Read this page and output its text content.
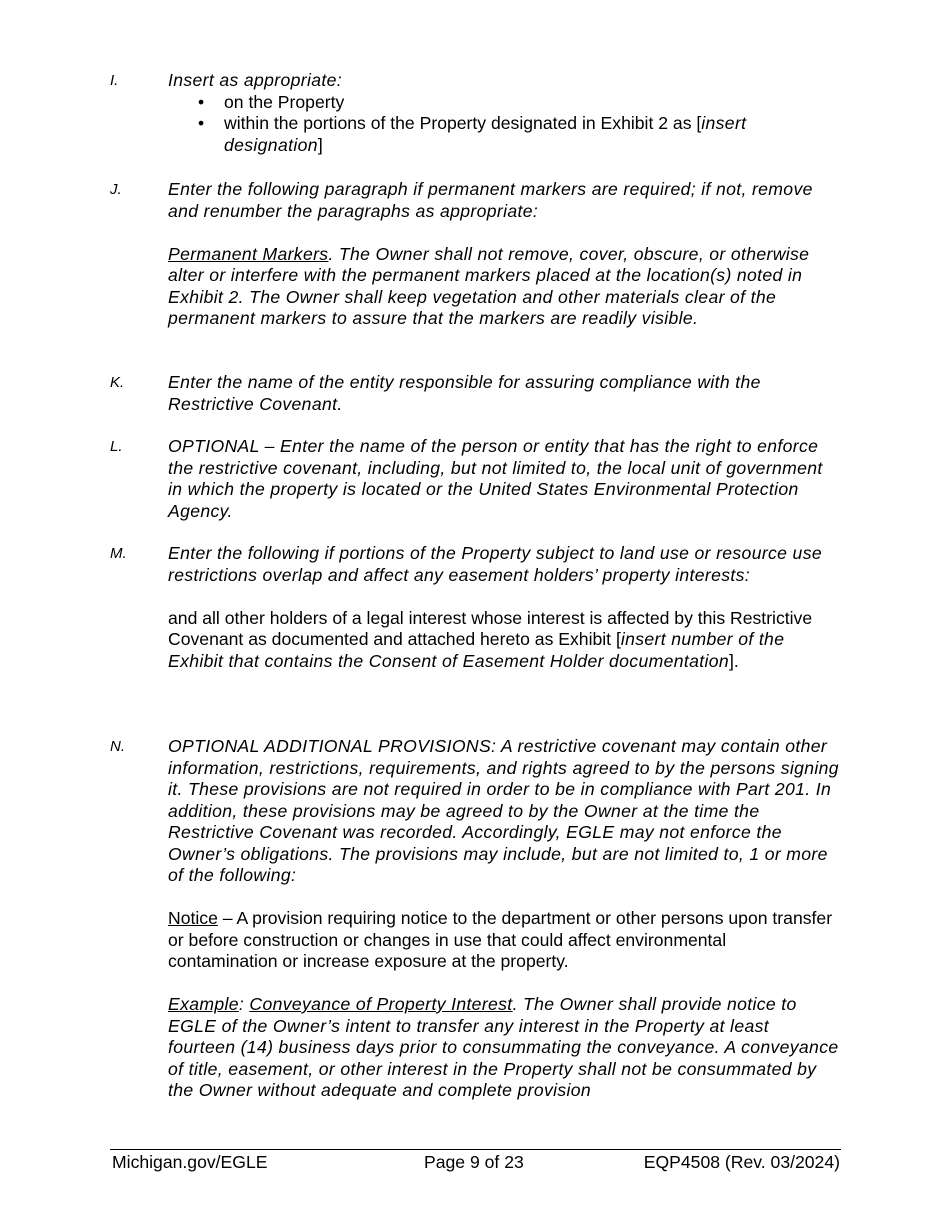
I.	Insert as appropriate:

• on the Property
• within the portions of the Property designated in Exhibit 2 as [insert designation]
J.	Enter the following paragraph if permanent markers are required; if not, remove and renumber the paragraphs as appropriate:

Permanent Markers. The Owner shall not remove, cover, obscure, or otherwise alter or interfere with the permanent markers placed at the location(s) noted in Exhibit 2. The Owner shall keep vegetation and other materials clear of the permanent markers to assure that the markers are readily visible.

K. Enter the name of the entity responsible for assuring compliance with the Restrictive Covenant.

L.	OPTIONAL – Enter the name of the person or entity that has the right to enforce the restrictive covenant, including, but not limited to, the local unit of government in which the property is located or the United States Environmental Protection Agency.

M. Enter the following if portions of the Property subject to land use or resource use restrictions overlap and affect any easement holders’ property interests:

and all other holders of a legal interest whose interest is affected by this Restrictive Covenant as documented and attached hereto as Exhibit [insert number of the Exhibit that contains the Consent of Easement Holder documentation].

N. OPTIONAL ADDITIONAL PROVISIONS: A restrictive covenant may contain other information, restrictions, requirements, and rights agreed to by the persons signing it. These provisions are not required in order to be in compliance with Part 201. In addition, these provisions may be agreed to by the Owner at the time the Restrictive Covenant was recorded. Accordingly, EGLE may not enforce the Owner’s obligations. The provisions may include, but are not limited to, 1 or more of the following:

Notice – A provision requiring notice to the department or other persons upon transfer or before construction or changes in use that could affect environmental contamination or increase exposure at the property.

Example: Conveyance of Property Interest. The Owner shall provide notice to EGLE of the Owner’s intent to transfer any interest in the Property at least fourteen (14) business days prior to consummating the conveyance. A conveyance of title, easement, or other interest in the Property shall not be consummated by the Owner without adequate and complete provision

Michigan.gov/EGLE	Page 9 of 23	EQP4508 (Rev. 03/2024)
